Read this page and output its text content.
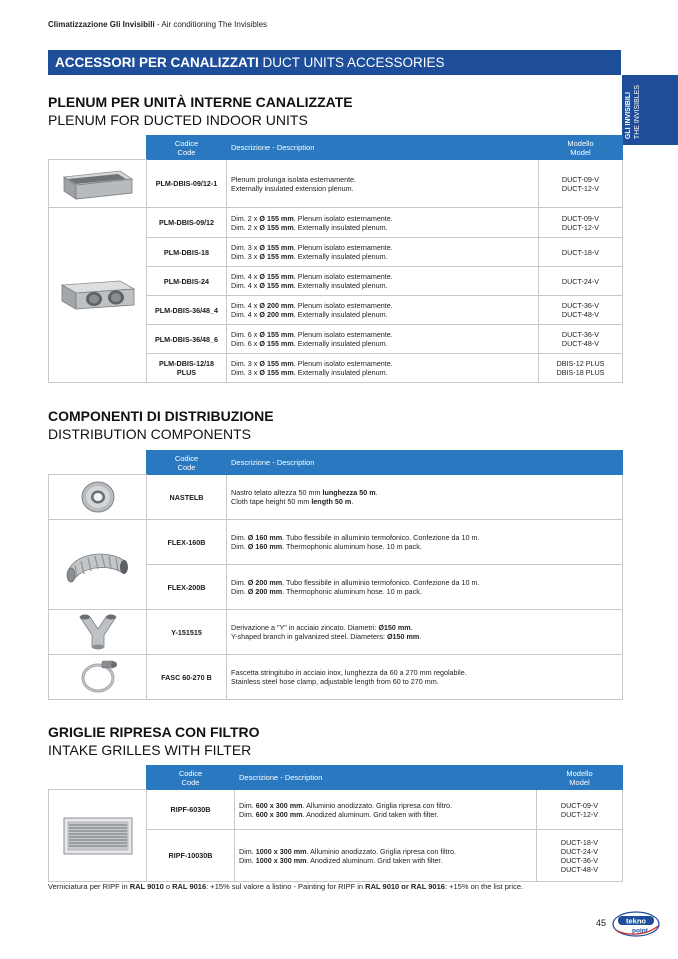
Climatizzazione Gli Invisibili - Air conditioning The Invisibles
ACCESSORI PER CANALIZZATI DUCT UNITS ACCESSORIES
GLI INVISIBILI THE INVISIBLES
PLENUM PER UNITÀ INTERNE CANALIZZATE
PLENUM FOR DUCTED INDOOR UNITS
	Codice
Code	Descrizione - Description	Modello
Model

	PLM-DBIS-09/12-1	Plenum prolunga isolata esternamente.
Externally insulated extension plenum.	DUCT-09-V
DUCT-12-V

	PLM-DBIS-09/12	Dim. 2 x Ø 155 mm. Plenum isolato esternamente.
Dim. 2 x Ø 155 mm. Externally insulated plenum.	DUCT-09-V
DUCT-12-V
	PLM-DBIS-18	Dim. 3 x Ø 155 mm. Plenum isolato esternamente.
Dim. 3 x Ø 155 mm. Externally insulated plenum.	DUCT-18-V
	PLM-DBIS-24	Dim. 4 x Ø 155 mm. Plenum isolato esternamente.
Dim. 4 x Ø 155 mm. Externally insulated plenum.	DUCT-24-V
	PLM-DBIS-36/48_4	Dim. 4 x Ø 200 mm. Plenum isolato esternamente.
Dim. 4 x Ø 200 mm. Externally insulated plenum.	DUCT-36-V
DUCT-48-V
	PLM-DBIS-36/48_6	Dim. 6 x Ø 155 mm. Plenum isolato esternamente.
Dim. 6 x Ø 155 mm. Externally insulated plenum.	DUCT-36-V
DUCT-48-V
	PLM-DBIS-12/18
PLUS	Dim. 3 x Ø 155 mm. Plenum isolato esternamente.
Dim. 3 x Ø 155 mm. Externally insulated plenum.	DBIS-12 PLUS
DBIS-18 PLUS
COMPONENTI DI DISTRIBUZIONE
DISTRIBUTION COMPONENTS
	Codice
Code	Descrizione - Description

	NASTELB	Nastro telato altezza 50 mm lunghezza 50 m.
Cloth tape height 50 mm length 50 m.

	FLEX-160B	Dim. Ø 160 mm. Tubo flessibile in alluminio termofonico. Confezione da 10 m.
Dim. Ø 160 mm. Thermophonic aluminum hose. 10 m pack.
	FLEX-200B	Dim. Ø 200 mm. Tubo flessibile in alluminio termofonico. Confezione da 10 m.
Dim. Ø 200 mm. Thermophonic aluminum hose. 10 m pack.

	Y-151515	Derivazione a "Y" in acciaio zincato. Diametri: Ø150 mm.
Y-shaped branch in galvanized steel. Diameters: Ø150 mm.

	FASC 60-270 B	Fascetta stringitubo in acciaio inox, lunghezza da 60 a 270 mm regolabile.
Stainless steel hose clamp, adjustable length from 60 to 270 mm.
GRIGLIE RIPRESA CON FILTRO
INTAKE GRILLES WITH FILTER
	Codice
Code	Descrizione - Description	Modello
Model

	RIPF-6030B	Dim. 600 x 300 mm. Alluminio anodizzato. Griglia ripresa con filtro.
Dim. 600 x 300 mm. Anodized aluminum. Grid taken with filter.	DUCT-09-V
DUCT-12-V
	RIPF-10030B	Dim. 1000 x 300 mm. Alluminio anodizzato. Griglia ripresa con filtro.
Dim. 1000 x 300 mm. Anodized aluminum. Grid taken with filter.	DUCT-18-V
DUCT-24-V
DUCT-36-V
DUCT-48-V
Verniciatura per RIPF in RAL 9010 o RAL 9016: +15% sul valore a listino - Painting for RIPF in RAL 9010 or RAL 9016: +15% on the list price.
45	tekno
point
